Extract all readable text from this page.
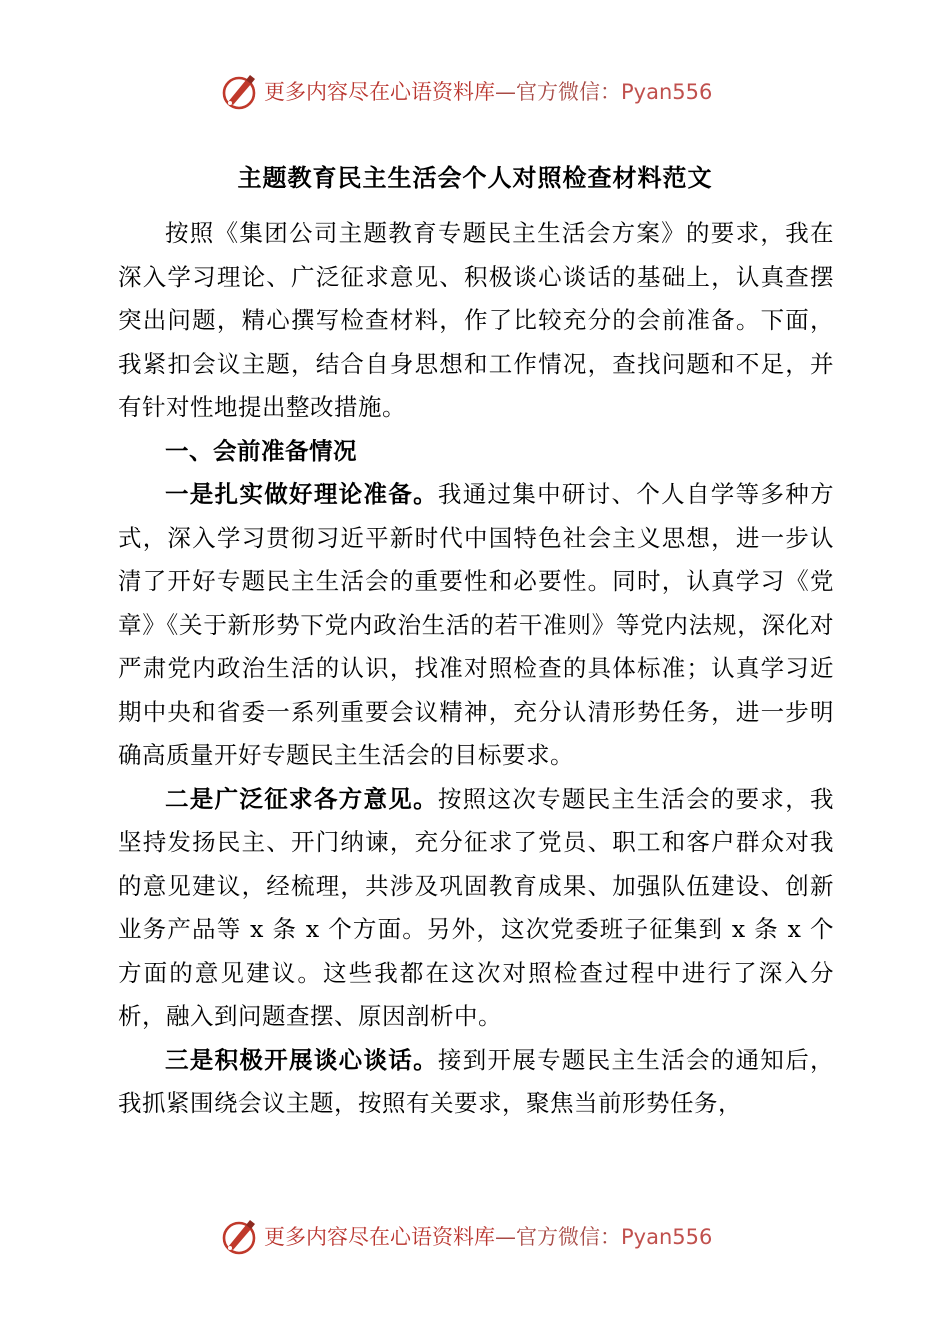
更多内容尽在心语资料库—官方微信：Pyan556
主题教育民主生活会个人对照检查材料范文

按照《集团公司主题教育专题民主生活会方案》的要求，我在深入学习理论、广泛征求意见、积极谈心谈话的基础上，认真查摆突出问题，精心撰写检查材料，作了比较充分的会前准备。下面，我紧扣会议主题，结合自身思想和工作情况，查找问题和不足，并有针对性地提出整改措施。

一、会前准备情况

一是扎实做好理论准备。我通过集中研讨、个人自学等多种方式，深入学习贯彻习近平新时代中国特色社会主义思想，进一步认清了开好专题民主生活会的重要性和必要性。同时，认真学习《党章》《关于新形势下党内政治生活的若干准则》等党内法规，深化对严肃党内政治生活的认识，找准对照检查的具体标准；认真学习近期中央和省委一系列重要会议精神，充分认清形势任务，进一步明确高质量开好专题民主生活会的目标要求。

二是广泛征求各方意见。按照这次专题民主生活会的要求，我坚持发扬民主、开门纳谏，充分征求了党员、职工和客户群众对我的意见建议，经梳理，共涉及巩固教育成果、加强队伍建设、创新业务产品等 x 条 x 个方面。另外，这次党委班子征集到 x 条 x 个方面的意见建议。这些我都在这次对照检查过程中进行了深入分析，融入到问题查摆、原因剖析中。

三是积极开展谈心谈话。接到开展专题民主生活会的通知后，我抓紧围绕会议主题，按照有关要求，聚焦当前形势任务，

更多内容尽在心语资料库—官方微信：Pyan556
